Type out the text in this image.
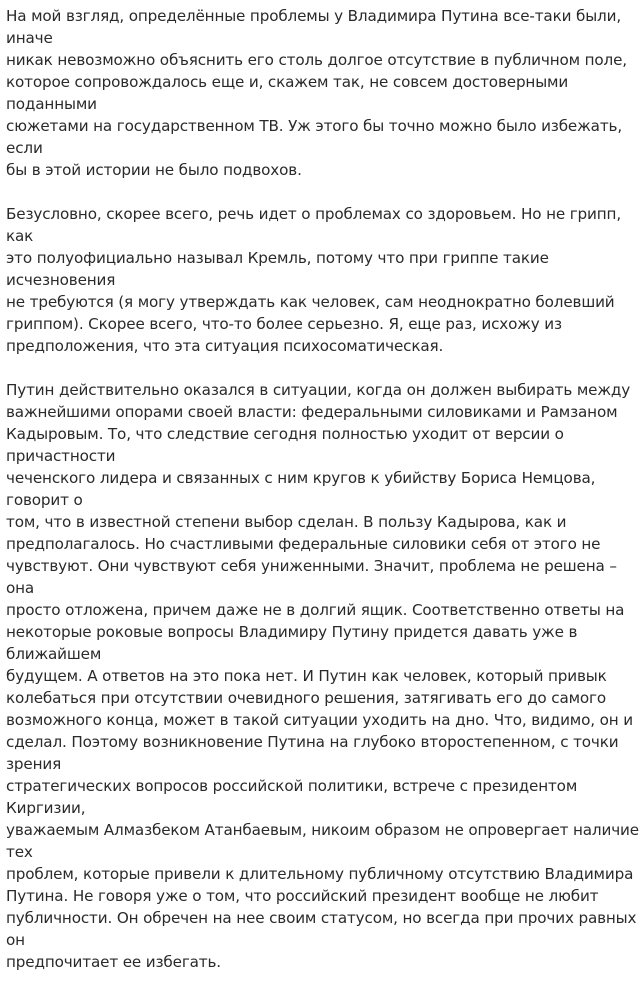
На мой взгляд, определённые проблемы у Владимира Путина все-таки были, иначе
никак невозможно объяснить его столь долгое отсутствие в публичном поле,
которое сопровождалось еще и, скажем так, не совсем достоверными поданными
сюжетами на государственном ТВ. Уж этого бы точно можно было избежать, если
бы в этой истории не было подвохов.

Безусловно, скорее всего, речь идет о проблемах со здоровьем. Но не грипп, как
это полуофициально называл Кремль, потому что при гриппе такие исчезновения
не требуются (я могу утверждать как человек, сам неоднократно болевший
гриппом). Скорее всего, что-то более серьезно. Я, еще раз, исхожу из
предположения, что эта ситуация психосоматическая.

Путин действительно оказался в ситуации, когда он должен выбирать между
важнейшими опорами своей власти: федеральными силовиками и Рамзаном
Кадыровым. То, что следствие сегодня полностью уходит от версии о причастности
чеченского лидера и связанных с ним кругов к убийству Бориса Немцова, говорит о
том, что в известной степени выбор сделан. В пользу Кадырова, как и
предполагалось. Но счастливыми федеральные силовики себя от этого не
чувствуют. Они чувствуют себя униженными. Значит, проблема не решена – она
просто отложена, причем даже не в долгий ящик. Соответственно ответы на
некоторые роковые вопросы Владимиру Путину придется давать уже в ближайшем
будущем. А ответов на это пока нет. И Путин как человек, который привык
колебаться при отсутствии очевидного решения, затягивать его до самого
возможного конца, может в такой ситуации уходить на дно. Что, видимо, он и
сделал. Поэтому возникновение Путина на глубоко второстепенном, с точки зрения
стратегических вопросов российской политики, встрече с президентом Киргизии,
уважаемым Алмазбеком Атанбаевым, никоим образом не опровергает наличие тех
проблем, которые привели к длительному публичному отсутствию Владимира
Путина. Не говоря уже о том, что российский президент вообще не любит
публичности. Он обречен на нее своим статусом, но всегда при прочих равных он
предпочитает ее избегать.
